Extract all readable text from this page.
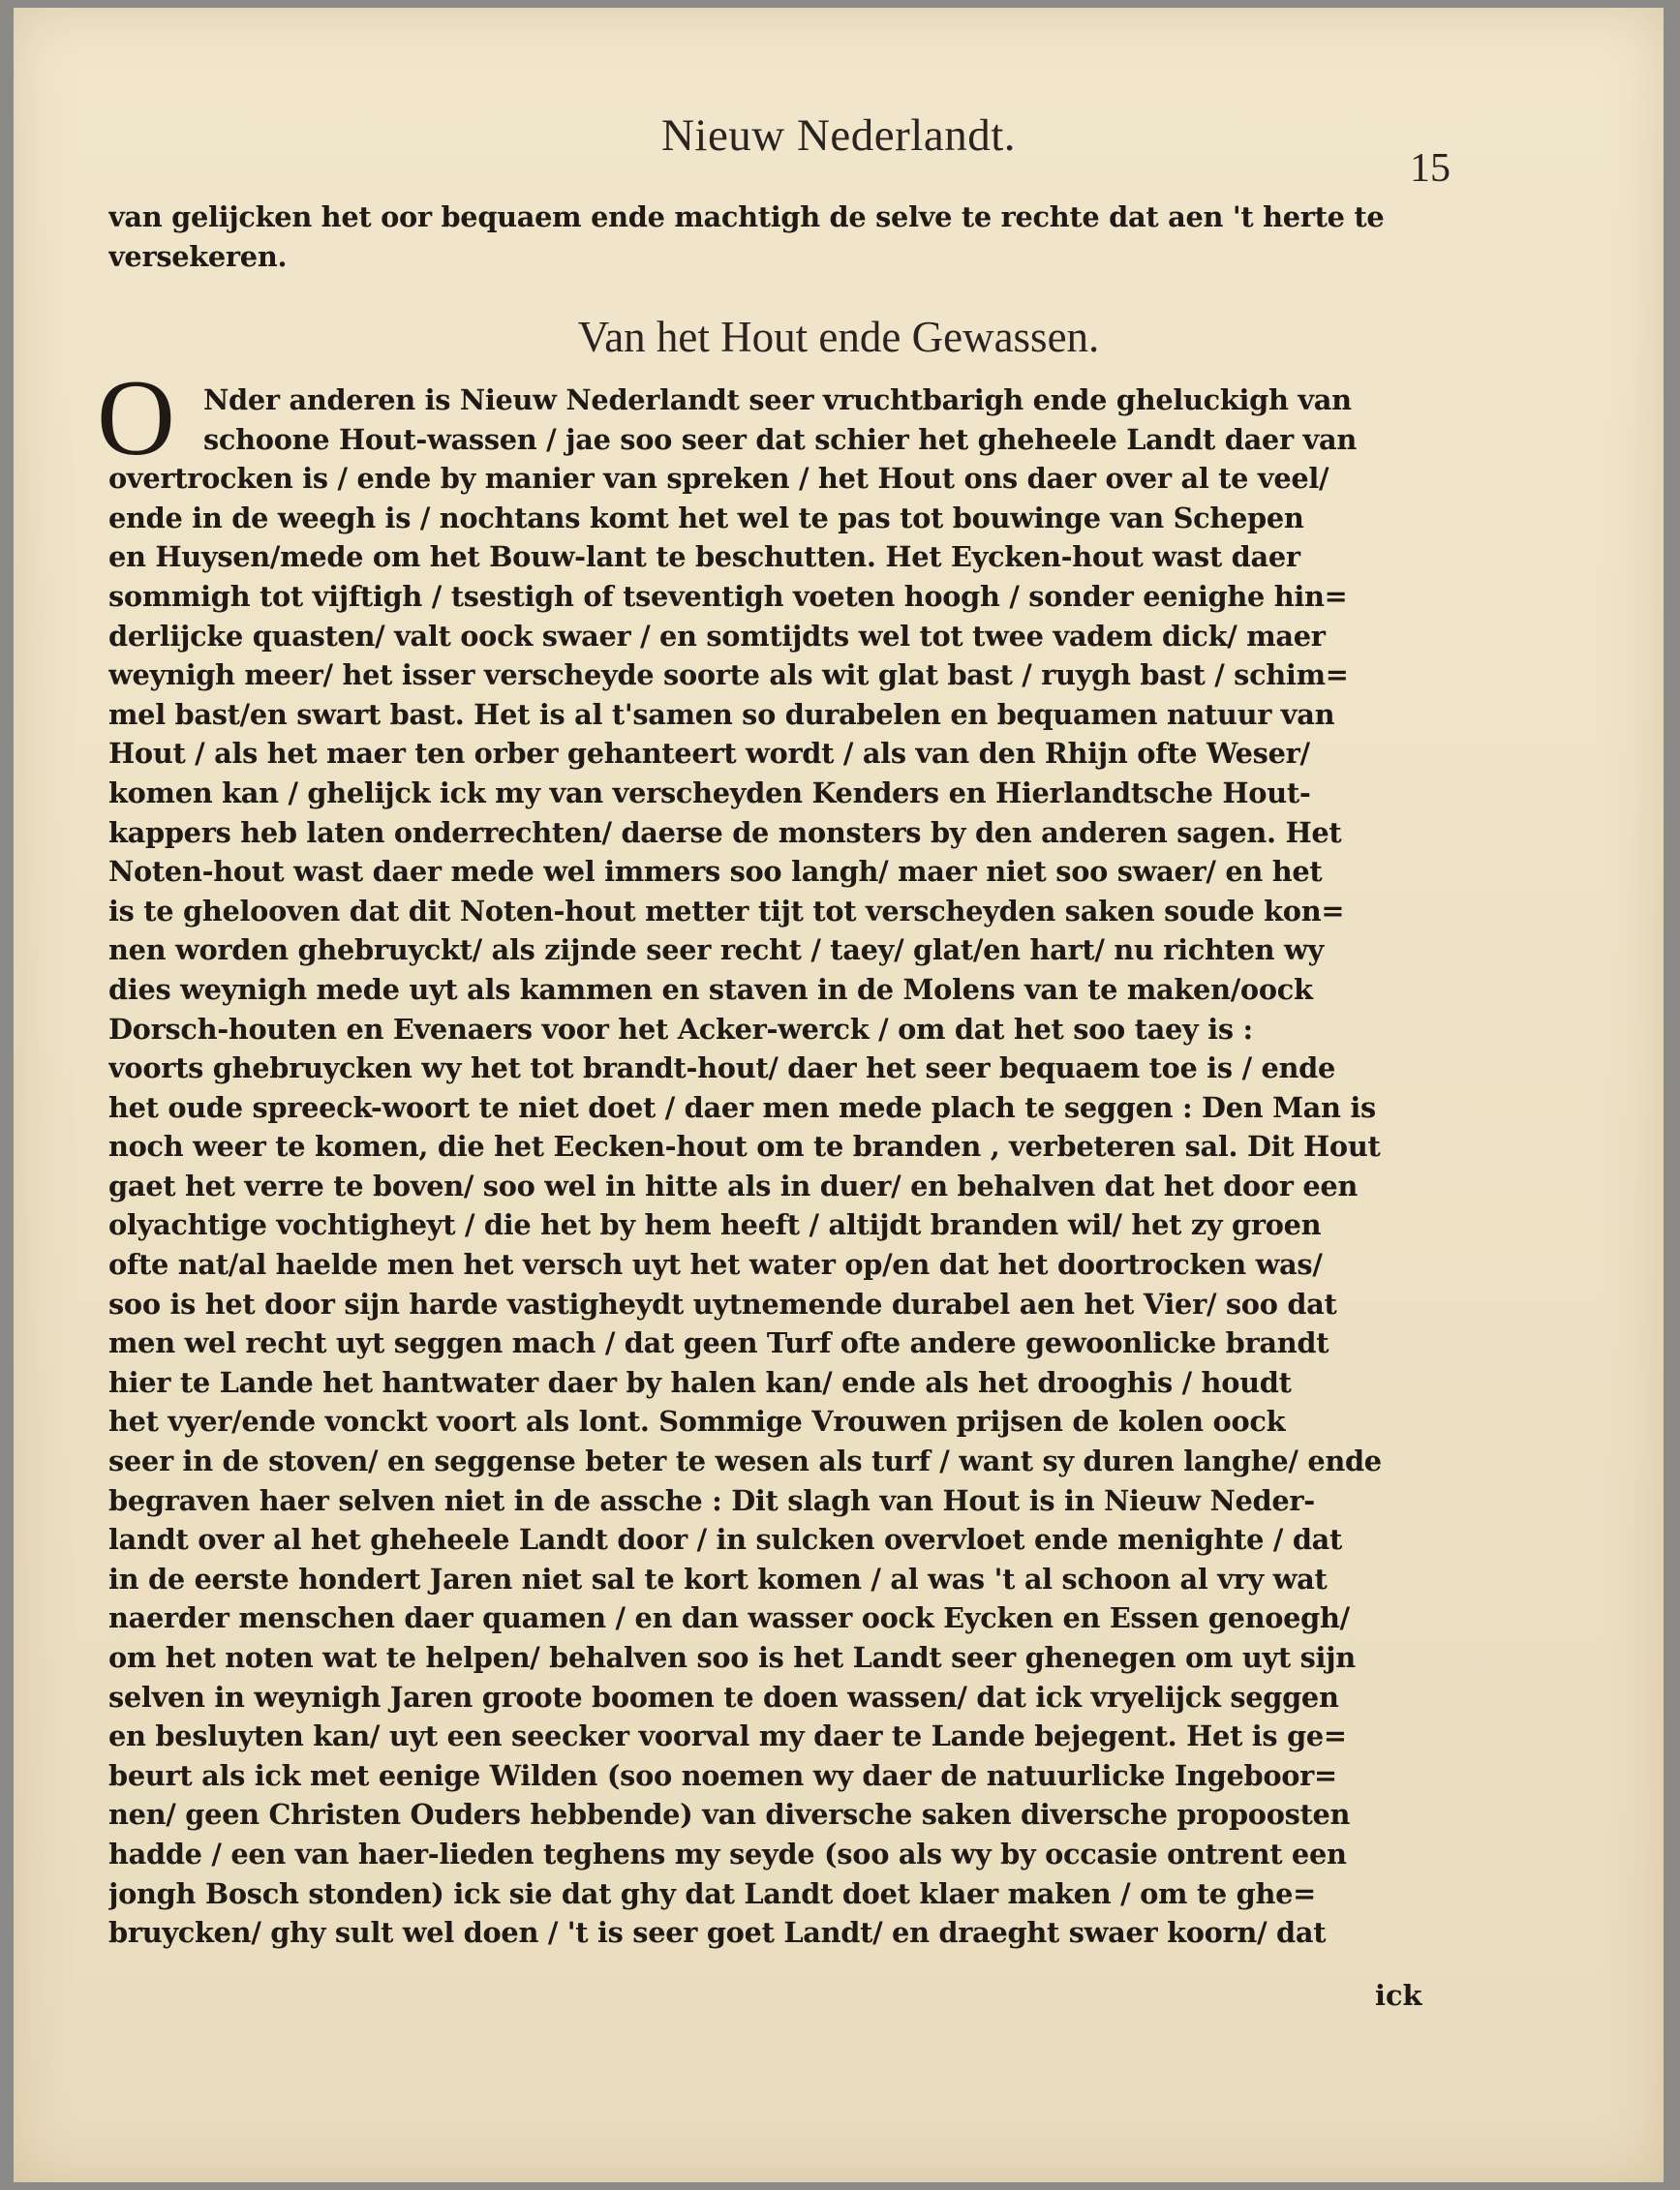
Nieuw Nederlandt.
15
van gelijcken het oor bequaem ende machtigh de selve te rechte dat aen 't herte te
versekeren.
Van het Hout ende Gewassen.
O	Nder anderen is Nieuw Nederlandt seer vruchtbarigh ende gheluckigh van
schoone Hout-wassen / jae soo seer dat schier het gheheele Landt daer van
overtrocken is / ende by manier van spreken / het Hout ons daer over al te veel/
ende in de weegh is / nochtans komt het wel te pas tot bouwinge van Schepen
en Huysen/mede om het Bouw-lant te beschutten. Het Eycken-hout wast daer
sommigh tot vijftigh / tsestigh of tseventigh voeten hoogh / sonder eenighe hin=
derlijcke quasten/ valt oock swaer / en somtijdts wel tot twee vadem dick/ maer
weynigh meer/ het isser verscheyde soorte als wit glat bast / ruygh bast / schim=
mel bast/en swart bast. Het is al t'samen so durabelen en bequamen natuur van
Hout / als het maer ten orber gehanteert wordt / als van den Rhijn ofte Weser/
komen kan / ghelijck ick my van verscheyden Kenders en Hierlandtsche Hout-
kappers heb laten onderrechten/ daerse de monsters by den anderen sagen. Het
Noten-hout wast daer mede wel immers soo langh/ maer niet soo swaer/ en het
is te ghelooven dat dit Noten-hout metter tijt tot verscheyden saken soude kon=
nen worden ghebruyckt/ als zijnde seer recht / taey/ glat/en hart/ nu richten wy
dies weynigh mede uyt als kammen en staven in de Molens van te maken/oock
Dorsch-houten en Evenaers voor het Acker-werck / om dat het soo taey is :
voorts ghebruycken wy het tot brandt-hout/ daer het seer bequaem toe is / ende
het oude spreeck-woort te niet doet / daer men mede plach te seggen : Den Man is
noch weer te komen, die het Eecken-hout om te branden , verbeteren sal. Dit Hout
gaet het verre te boven/ soo wel in hitte als in duer/ en behalven dat het door een
olyachtige vochtigheyt / die het by hem heeft / altijdt branden wil/ het zy groen
ofte nat/al haelde men het versch uyt het water op/en dat het doortrocken was/
soo is het door sijn harde vastigheydt uytnemende durabel aen het Vier/ soo dat
men wel recht uyt seggen mach / dat geen Turf ofte andere gewoonlicke brandt
hier te Lande het hantwater daer by halen kan/ ende als het drooghis / houdt
het vyer/ende vonckt voort als lont. Sommige Vrouwen prijsen de kolen oock
seer in de stoven/ en seggense beter te wesen als turf / want sy duren langhe/ ende
begraven haer selven niet in de assche : Dit slagh van Hout is in Nieuw Neder-
landt over al het gheheele Landt door / in sulcken overvloet ende menighte / dat
in de eerste hondert Jaren niet sal te kort komen / al was 't al schoon al vry wat
naerder menschen daer quamen / en dan wasser oock Eycken en Essen genoegh/
om het noten wat te helpen/ behalven soo is het Landt seer ghenegen om uyt sijn
selven in weynigh Jaren groote boomen te doen wassen/ dat ick vryelijck seggen
en besluyten kan/ uyt een seecker voorval my daer te Lande bejegent. Het is ge=
beurt als ick met eenige Wilden (soo noemen wy daer de natuurlicke Ingeboor=
nen/ geen Christen Ouders hebbende) van diversche saken diversche propoosten
hadde / een van haer-lieden teghens my seyde (soo als wy by occasie ontrent een
jongh Bosch stonden) ick sie dat ghy dat Landt doet klaer maken / om te ghe=
bruycken/ ghy sult wel doen / 't is seer goet Landt/ en draeght swaer koorn/ dat
ick
